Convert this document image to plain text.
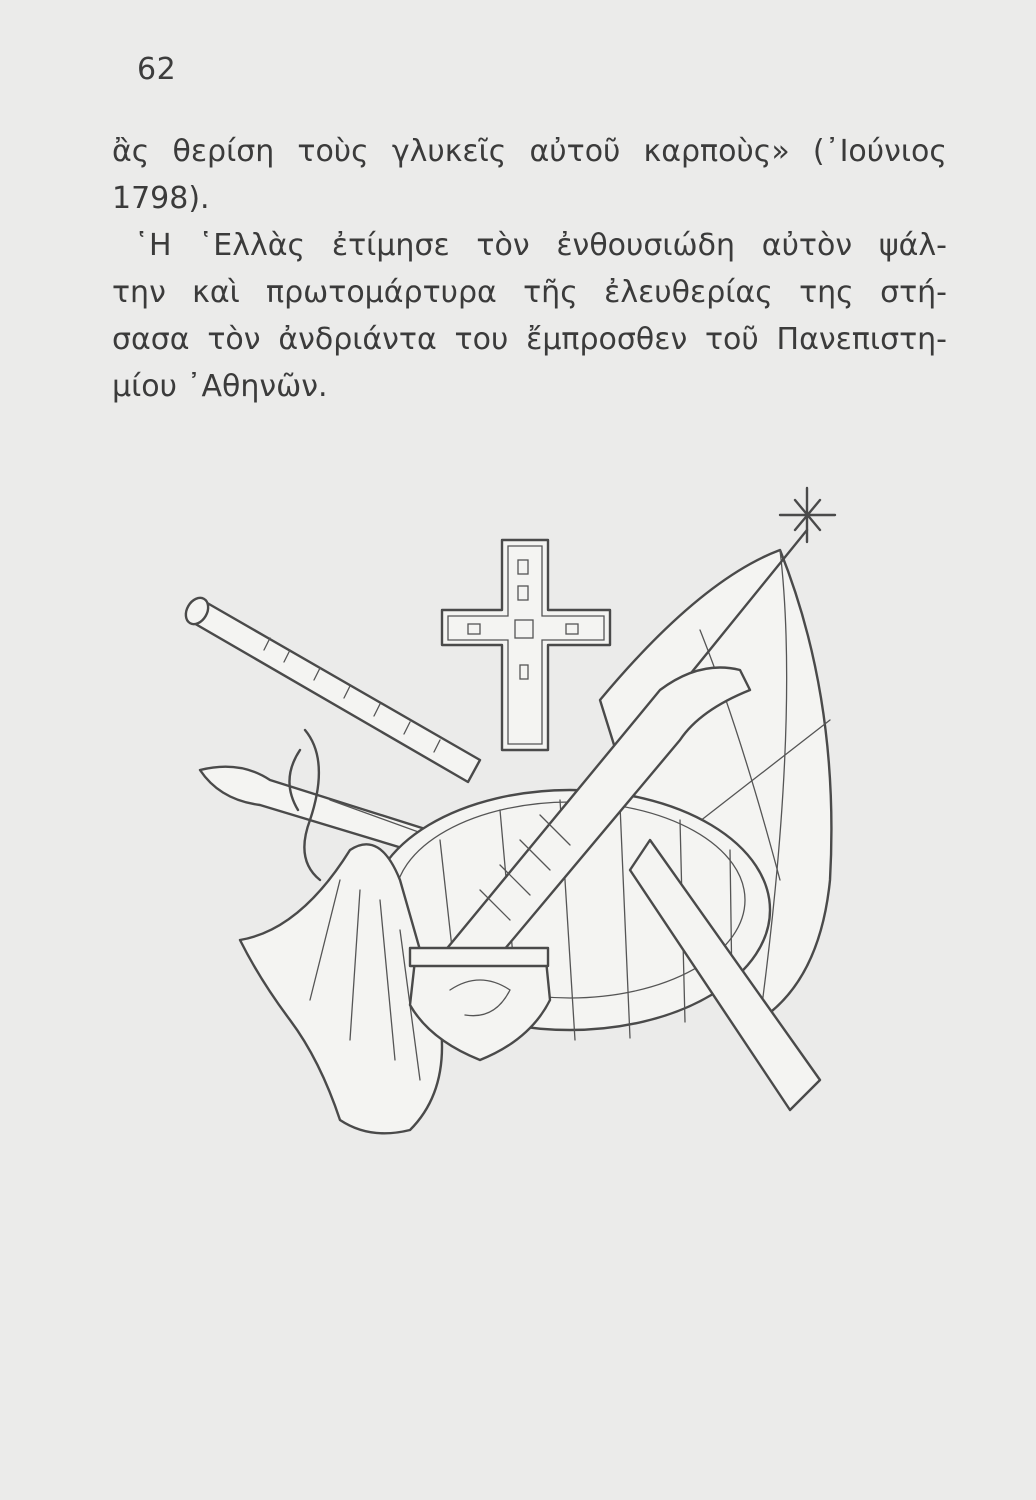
62
ἂς θερίση τοὺς γλυκεῖς αὐτοῦ καρποὺς» (᾿Ιούνιος 1798).
῾Η ῾Ελλὰς ἐτίμησε τὸν ἐνθουσιώδη αὐτὸν ψάλ-
την καὶ πρωτομάρτυρα τῆς ἐλευθερίας της στή-
σασα τὸν ἀνδριάντα του ἔμπροσθεν τοῦ Πανεπιστη-
μίου ᾿Αθηνῶν.
